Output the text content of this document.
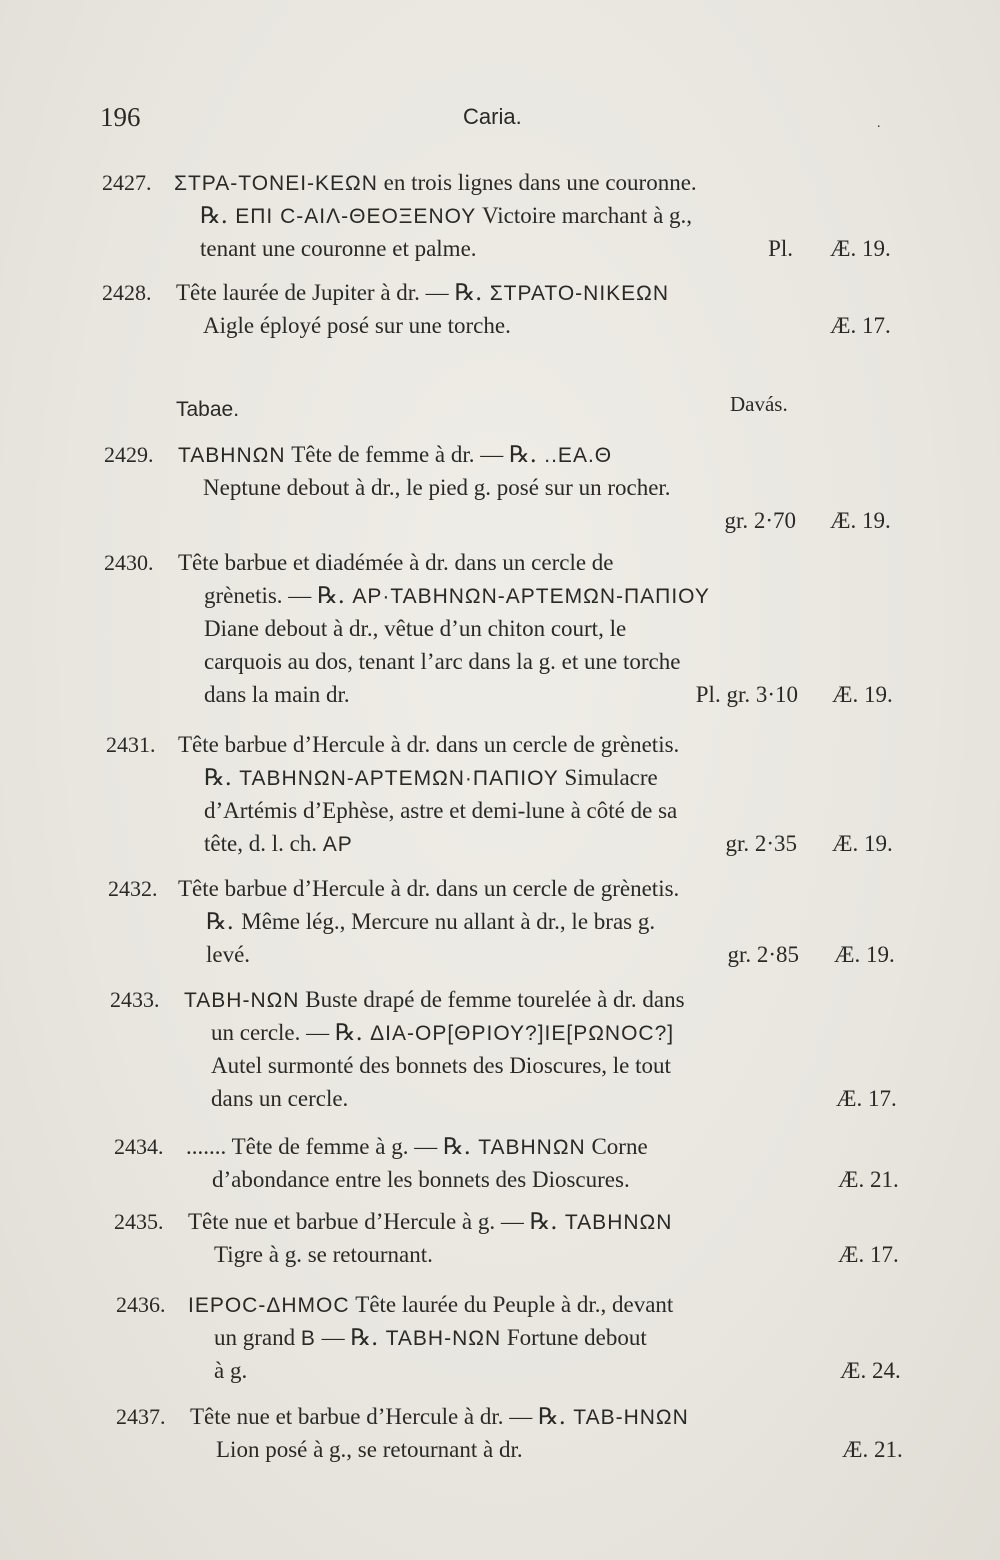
196	Caria.	.
Tabae.	Davás.
2427. ΣΤΡΑ-ΤΟΝΕΙ-ΚΕΩΝ en trois lignes dans une couronne.
℞. ΕΠΙ Ϲ-ΑΙΛ-ΘΕΟΞΕΝΟΥ Victoire marchant à g.,
tenant une couronne et palme.	Pl. Æ. 19.
2428. Tête laurée de Jupiter à dr. — ℞. ΣΤΡΑΤΟ-ΝΙΚΕΩΝ
Aigle éployé posé sur une torche.	Æ. 17.
2429. ΤΑΒΗΝΩΝ Tête de femme à dr. — ℞. ..ΕΑ.Θ
Neptune debout à dr., le pied g. posé sur un rocher.
gr. 2·70 Æ. 19.
2430. Tête barbue et diadémée à dr. dans un cercle de
grènetis. — ℞. ΑΡ·ΤΑΒΗΝΩΝ-ΑΡΤΕΜΩΝ-ΠΑΠΙΟΥ
Diane debout à dr., vêtue d’un chiton court, le
carquois au dos, tenant l’arc dans la g. et une torche
dans la main dr.	Pl. gr. 3·10 Æ. 19.
2431. Tête barbue d’Hercule à dr. dans un cercle de grènetis.
℞. ΤΑΒΗΝΩΝ-ΑΡΤΕΜΩΝ·ΠΑΠΙΟΥ Simulacre
d’Artémis d’Ephèse, astre et demi-lune à côté de sa
tête, d. l. ch. ΑΡ	gr. 2·35 Æ. 19.
2432. Tête barbue d’Hercule à dr. dans un cercle de grènetis.
℞. Même lég., Mercure nu allant à dr., le bras g.
levé.	gr. 2·85 Æ. 19.
2433. ΤΑΒΗ-ΝΩΝ Buste drapé de femme tourelée à dr. dans
un cercle. — ℞. ΔΙΑ-ΟΡ[ΘΡΙΟΥ?]ΙΕ[ΡΩΝΟϹ?]
Autel surmonté des bonnets des Dioscures, le tout
dans un cercle.	Æ. 17.
2434. ....... Tête de femme à g. — ℞. ΤΑΒΗΝΩΝ Corne
d’abondance entre les bonnets des Dioscures.	Æ. 21.
2435. Tête nue et barbue d’Hercule à g. — ℞. ΤΑΒΗΝΩΝ
Tigre à g. se retournant.	Æ. 17.
2436. ΙΕΡΟϹ-ΔΗΜΟϹ Tête laurée du Peuple à dr., devant
un grand Β — ℞. ΤΑΒΗ-ΝΩΝ Fortune debout
à g.	Æ. 24.
2437. Tête nue et barbue d’Hercule à dr. — ℞. ΤΑΒ-ΗΝΩΝ
Lion posé à g., se retournant à dr.	Æ. 21.
